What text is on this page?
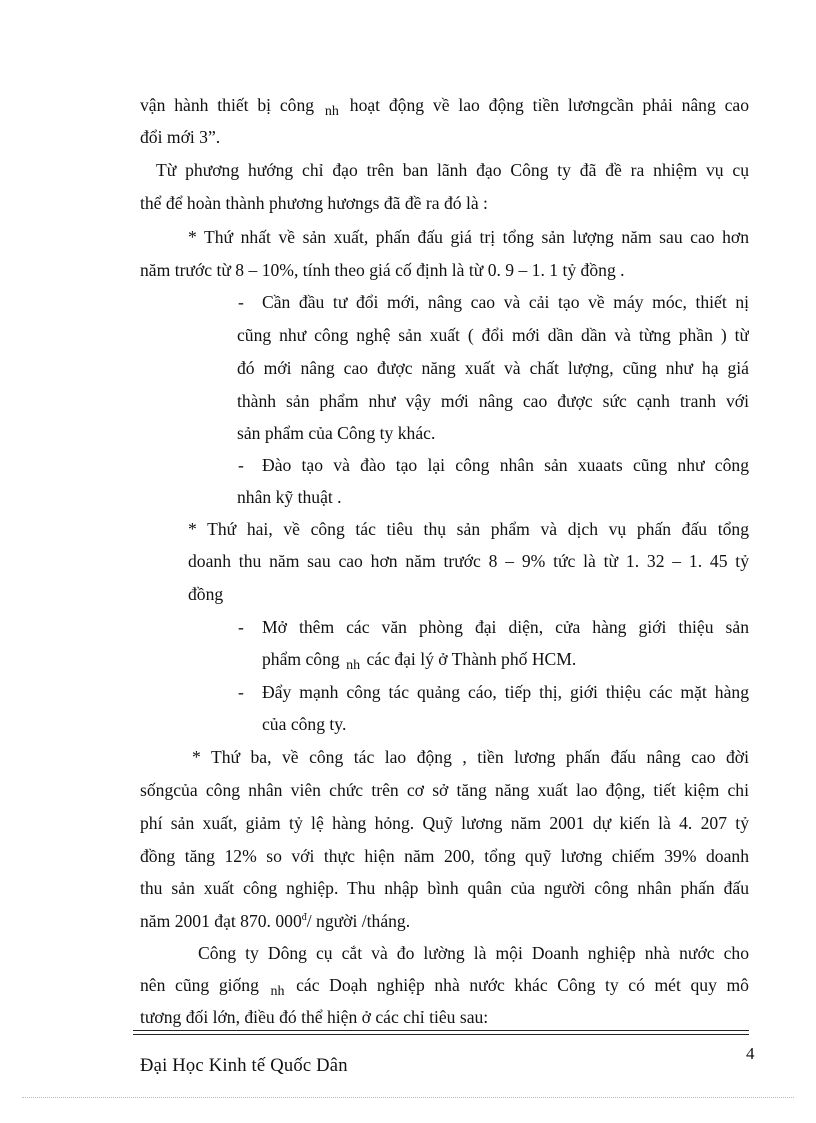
vận hành thiết bị công $_{nh}$ hoạt động về lao động tiền lươngcần phải nâng cao
đổi mới 3”.
Từ phương hướng chỉ đạo trên ban lãnh đạo Công ty đã đề ra nhiệm vụ cụ
thể để hoàn thành phương hươngs đã đề ra đó là :
* Thứ nhất về sản xuất, phấn đấu giá trị tổng sản lượng năm sau cao hơn
năm trước từ 8 – 10%, tính theo giá cố định là từ 0. 9 – 1. 1 tỷ đồng .
- Cần đầu tư đổi mới, nâng cao và cải tạo về máy móc, thiết nị
cũng như công nghệ sản xuất ( đổi mới dần dần và từng phần ) từ
đó mới nâng cao được năng xuất và chất lượng, cũng như hạ giá
thành sản phẩm như vậy mới nâng cao được sức cạnh tranh với
sản phẩm của Công ty khác.
- Đào tạo và đào tạo lại công nhân sản xuaats cũng như công
nhân kỹ thuật .
* Thứ hai, về công tác tiêu thụ sản phẩm và dịch vụ phấn đấu tổng
doanh thu năm sau cao hơn năm trước 8 – 9% tức là từ 1. 32 – 1. 45 tỷ
đồng
- Mở thêm các văn phòng đại diện, cửa hàng giới thiệu sản
phẩm công $_{nh}$ các đại lý ở Thành phố HCM.
- Đẩy mạnh công tác quảng cáo, tiếp thị, giới thiệu các mặt hàng
của công ty.
* Thứ ba, về công tác lao động , tiền lương phấn đấu nâng cao đời
sốngcủa công nhân viên chức trên cơ sở tăng năng xuất lao động, tiết kiệm chi
phí sản xuất, giảm tỷ lệ hàng hỏng. Quỹ lương năm 2001 dự kiến là 4. 207 tỷ
đồng tăng 12% so với thực hiện năm 200, tổng quỹ lương chiếm 39% doanh
thu sản xuất công nghiệp. Thu nhập bình quân của người công nhân phấn đấu
năm 2001 đạt 870. $000^đ/$ người /tháng.
Công ty Dông cụ cắt và đo lường là mội Doanh nghiệp nhà nước cho
nên cũng giống $_{nh}$ các Doạh nghiệp nhà nước khác Công ty có mét quy mô
tương đối lớn, điều đó thể hiện ở các chỉ tiêu sau:
4
Đại Học Kinh tế Quốc Dân
